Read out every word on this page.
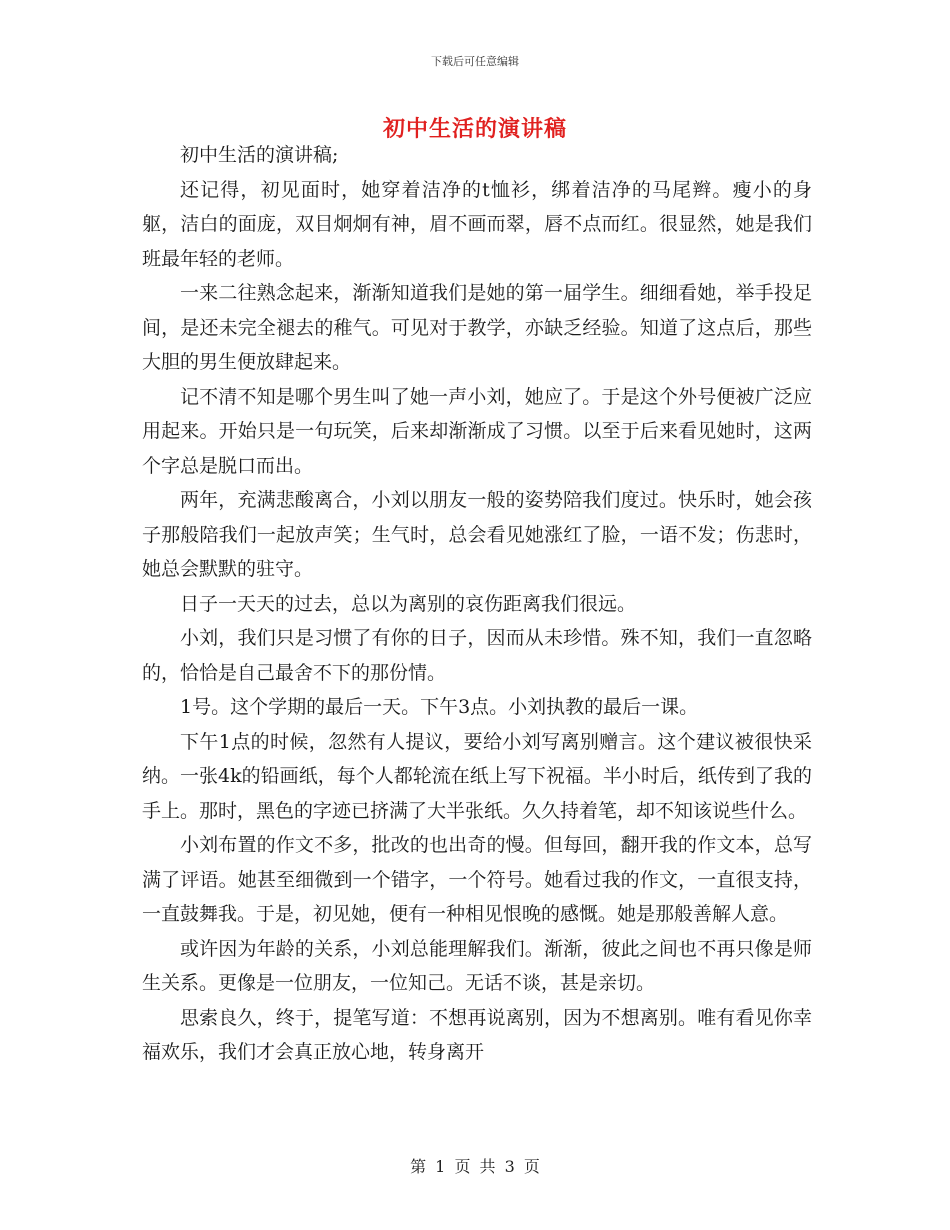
下载后可任意编辑
初中生活的演讲稿

初中生活的演讲稿;

还记得，初见面时，她穿着洁净的t恤衫，绑着洁净的马尾辫。瘦小的身躯，洁白的面庞，双目炯炯有神，眉不画而翠，唇不点而红。很显然，她是我们班最年轻的老师。

一来二往熟念起来，渐渐知道我们是她的第一届学生。细细看她，举手投足间，是还未完全褪去的稚气。可见对于教学，亦缺乏经验。知道了这点后，那些大胆的男生便放肆起来。

记不清不知是哪个男生叫了她一声小刘，她应了。于是这个外号便被广泛应用起来。开始只是一句玩笑，后来却渐渐成了习惯。以至于后来看见她时，这两个字总是脱口而出。

两年，充满悲酸离合，小刘以朋友一般的姿势陪我们度过。快乐时，她会孩子那般陪我们一起放声笑；生气时，总会看见她涨红了脸，一语不发；伤悲时，她总会默默的驻守。

日子一天天的过去，总以为离别的哀伤距离我们很远。

小刘，我们只是习惯了有你的日子，因而从未珍惜。殊不知，我们一直忽略的，恰恰是自己最舍不下的那份情。

1号。这个学期的最后一天。下午3点。小刘执教的最后一课。

下午1点的时候，忽然有人提议，要给小刘写离别赠言。这个建议被很快采纳。一张4k的铅画纸，每个人都轮流在纸上写下祝福。半小时后，纸传到了我的手上。那时，黑色的字迹已挤满了大半张纸。久久持着笔，却不知该说些什么。

小刘布置的作文不多，批改的也出奇的慢。但每回，翻开我的作文本，总写满了评语。她甚至细微到一个错字，一个符号。她看过我的作文，一直很支持，一直鼓舞我。于是，初见她，便有一种相见恨晚的感慨。她是那般善解人意。

或许因为年龄的关系，小刘总能理解我们。渐渐，彼此之间也不再只像是师生关系。更像是一位朋友，一位知己。无话不谈，甚是亲切。

思索良久，终于，提笔写道：不想再说离别，因为不想离别。唯有看见你幸福欢乐，我们才会真正放心地，转身离开

第 1 页 共 3 页
